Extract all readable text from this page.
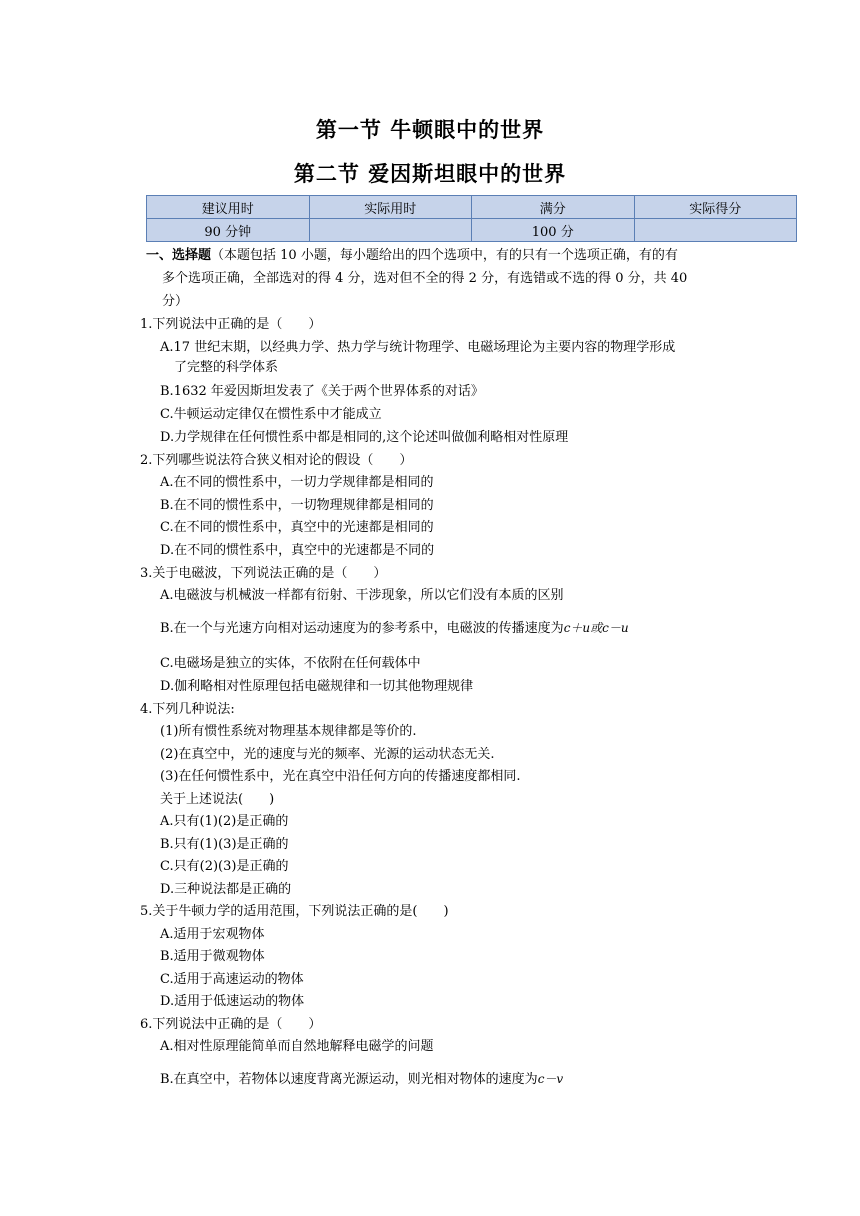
第一节 牛顿眼中的世界
第二节 爱因斯坦眼中的世界
建议用时	实际用时	满分	实际得分
90 分钟		100 分	
一、选择题（本题包括 10 小题，每小题给出的四个选项中，有的只有一个选项正确，有的有
多个选项正确，全部选对的得 4 分，选对但不全的得 2 分，有选错或不选的得 0 分，共 40
分）
1.下列说法中正确的是（　　）
A.17 世纪末期，以经典力学、热力学与统计物理学、电磁场理论为主要内容的物理学形成
了完整的科学体系
B.1632 年爱因斯坦发表了《关于两个世界体系的对话》
C.牛顿运动定律仅在惯性系中才能成立
D.力学规律在任何惯性系中都是相同的,这个论述叫做伽利略相对性原理
2.下列哪些说法符合狭义相对论的假设（　　）
A.在不同的惯性系中，一切力学规律都是相同的
B.在不同的惯性系中，一切物理规律都是相同的
C.在不同的惯性系中，真空中的光速都是相同的
D.在不同的惯性系中，真空中的光速都是不同的
3.关于电磁波，下列说法正确的是（　　）
A.电磁波与机械波一样都有衍射、干涉现象，所以它们没有本质的区别
B.在一个与光速方向相对运动速度为的参考系中，电磁波的传播速度为c＋u或c－u
C.电磁场是独立的实体，不依附在任何载体中
D.伽利略相对性原理包括电磁规律和一切其他物理规律
4.下列几种说法:
(1)所有惯性系统对物理基本规律都是等价的.
(2)在真空中，光的速度与光的频率、光源的运动状态无关.
(3)在任何惯性系中，光在真空中沿任何方向的传播速度都相同.
关于上述说法(　　)
A.只有(1)(2)是正确的
B.只有(1)(3)是正确的
C.只有(2)(3)是正确的
D.三种说法都是正确的
5.关于牛顿力学的适用范围，下列说法正确的是(　　)
A.适用于宏观物体
B.适用于微观物体
C.适用于高速运动的物体
D.适用于低速运动的物体
6.下列说法中正确的是（　　）
A.相对性原理能简单而自然地解释电磁学的问题
B.在真空中，若物体以速度背离光源运动，则光相对物体的速度为c－v
